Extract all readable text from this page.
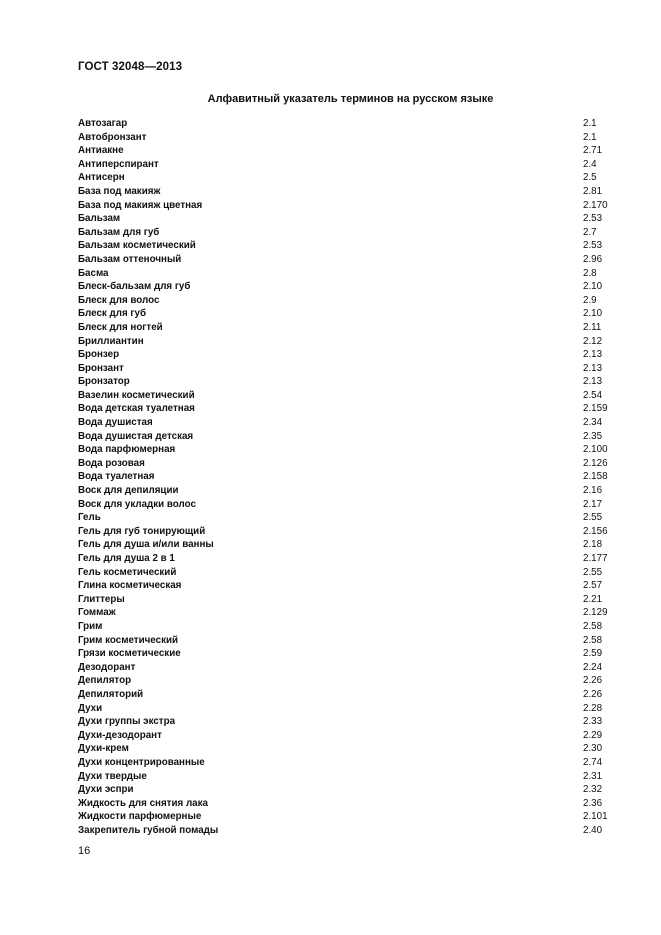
ГОСТ 32048—2013
Алфавитный указатель терминов на русском языке
Автозагар	2.1
Автобронзант	2.1
Антиакне	2.71
Антиперспирант	2.4
Антисерн	2.5
База под макияж	2.81
База под макияж цветная	2.170
Бальзам	2.53
Бальзам для губ	2.7
Бальзам косметический	2.53
Бальзам оттеночный	2.96
Басма	2.8
Блеск-бальзам для губ	2.10
Блеск для волос	2.9
Блеск для губ	2.10
Блеск для ногтей	2.11
Бриллиантин	2.12
Бронзер	2.13
Бронзант	2.13
Бронзатор	2.13
Вазелин косметический	2.54
Вода детская туалетная	2.159
Вода душистая	2.34
Вода душистая детская	2.35
Вода парфюмерная	2.100
Вода розовая	2.126
Вода туалетная	2.158
Воск для депиляции	2.16
Воск для укладки волос	2.17
Гель	2.55
Гель для губ тонирующий	2.156
Гель для душа и/или ванны	2.18
Гель для душа 2 в 1	2.177
Гель косметический	2.55
Глина косметическая	2.57
Глиттеры	2.21
Гоммаж	2.129
Грим	2.58
Грим косметический	2.58
Грязи косметические	2.59
Дезодорант	2.24
Депилятор	2.26
Депиляторий	2.26
Духи	2.28
Духи группы экстра	2.33
Духи-дезодорант	2.29
Духи-крем	2.30
Духи концентрированные	2.74
Духи твердые	2.31
Духи эспри	2.32
Жидкость для снятия лака	2.36
Жидкости парфюмерные	2.101
Закрепитель губной помады	2.40
16
